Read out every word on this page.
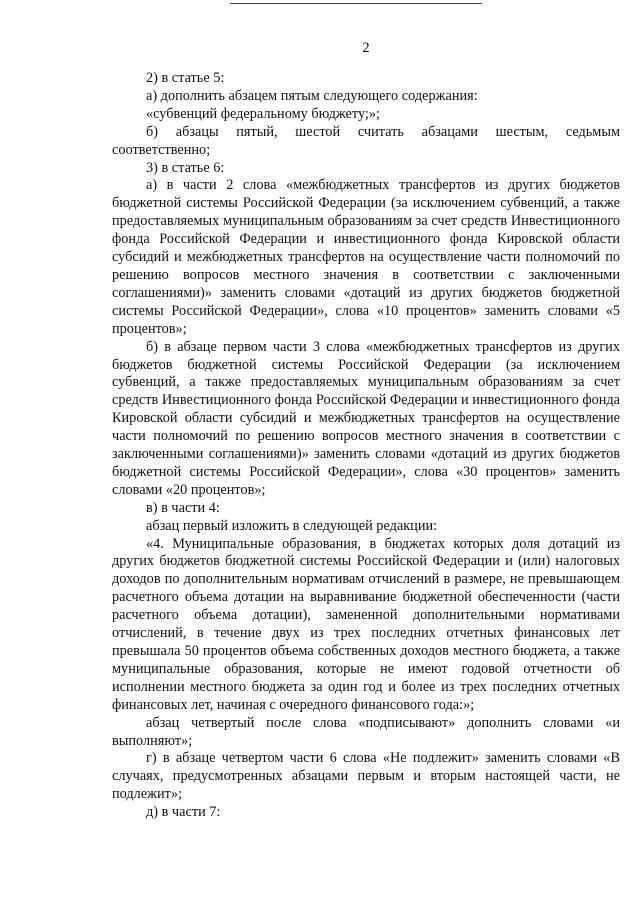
2

2) в статье 5:

а) дополнить абзацем пятым следующего содержания:

«субвенций федеральному бюджету;»;

б) абзацы пятый, шестой считать абзацами шестым, седьмым соответственно;

3) в статье 6:

а) в части 2 слова «межбюджетных трансфертов из других бюджетов бюджетной системы Российской Федерации (за исключением субвенций, а также предоставляемых муниципальным образованиям за счет средств Инвестиционного фонда Российской Федерации и инвестиционного фонда Кировской области субсидий и межбюджетных трансфертов на осуществление части полномочий по решению вопросов местного значения в соответствии с заключенными соглашениями)» заменить словами «дотаций из других бюджетов бюджетной системы Российской Федерации», слова «10 процентов» заменить словами «5 процентов»;

б) в абзаце первом части 3 слова «межбюджетных трансфертов из других бюджетов бюджетной системы Российской Федерации (за исключением субвенций, а также предоставляемых муниципальным образованиям за счет средств Инвестиционного фонда Российской Федерации и инвестиционного фонда Кировской области субсидий и межбюджетных трансфертов на осуществление части полномочий по решению вопросов местного значения в соответствии с заключенными соглашениями)» заменить словами «дотаций из других бюджетов бюджетной системы Российской Федерации», слова «30 процентов» заменить словами «20 процентов»;

в) в части 4:

абзац первый изложить в следующей редакции:

«4. Муниципальные образования, в бюджетах которых доля дотаций из других бюджетов бюджетной системы Российской Федерации и (или) налоговых доходов по дополнительным нормативам отчислений в размере, не превышающем расчетного объема дотации на выравнивание бюджетной обеспеченности (части расчетного объема дотации), замененной дополнительными нормативами отчислений, в течение двух из трех последних отчетных финансовых лет превышала 50 процентов объема собственных доходов местного бюджета, а также муниципальные образования, которые не имеют годовой отчетности об исполнении местного бюджета за один год и более из трех последних отчетных финансовых лет, начиная с очередного финансового года:»;

абзац четвертый после слова «подписывают» дополнить словами «и выполняют»;

г) в абзаце четвертом части 6 слова «Не подлежит» заменить словами «В случаях, предусмотренных абзацами первым и вторым настоящей части, не подлежит»;

д) в части 7:
